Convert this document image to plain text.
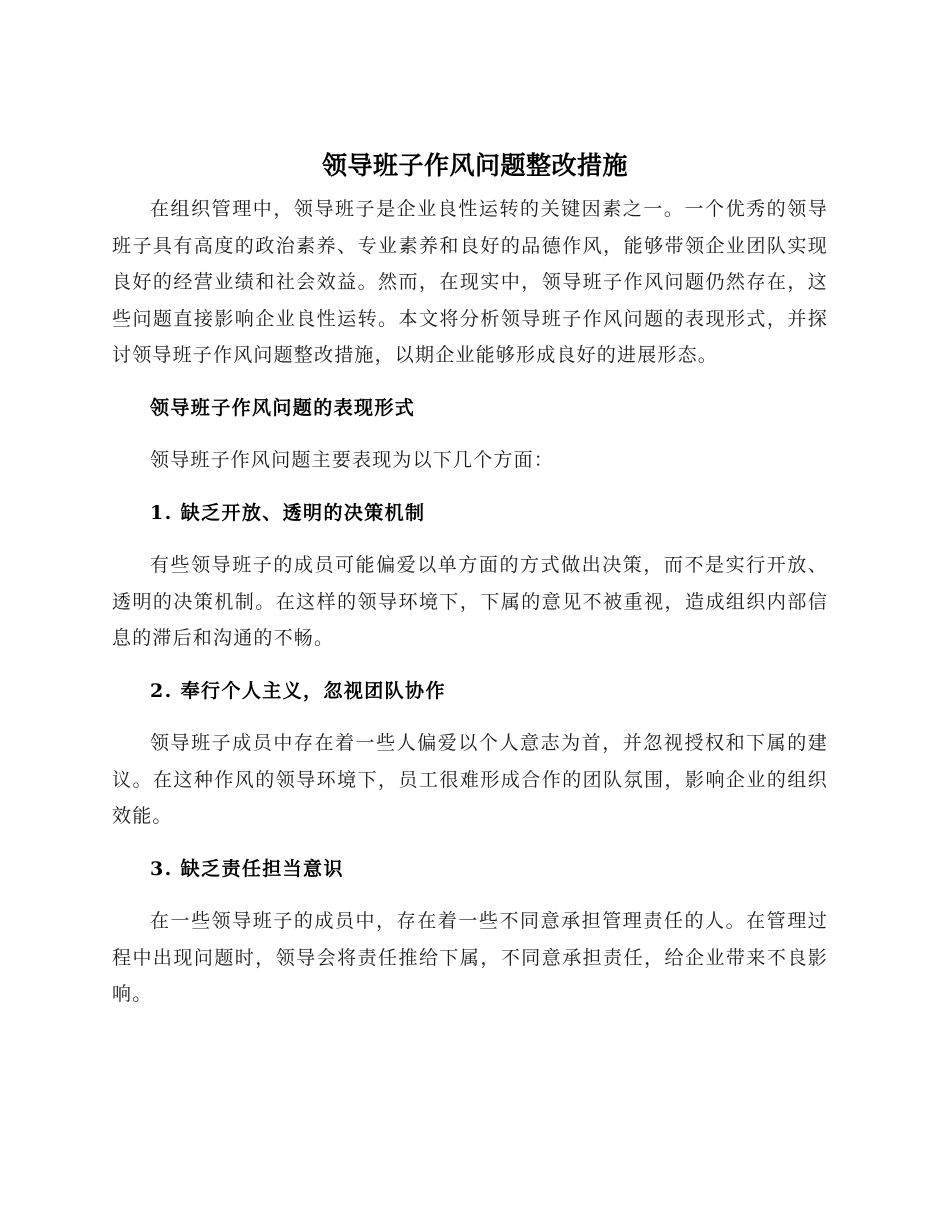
领导班子作风问题整改措施

在组织管理中，领导班子是企业良性运转的关键因素之一。一个优秀的领导班子具有高度的政治素养、专业素养和良好的品德作风，能够带领企业团队实现良好的经营业绩和社会效益。然而，在现实中，领导班子作风问题仍然存在，这些问题直接影响企业良性运转。本文将分析领导班子作风问题的表现形式，并探讨领导班子作风问题整改措施，以期企业能够形成良好的进展形态。

领导班子作风问题的表现形式

领导班子作风问题主要表现为以下几个方面：

1. 缺乏开放、透明的决策机制

有些领导班子的成员可能偏爱以单方面的方式做出决策，而不是实行开放、透明的决策机制。在这样的领导环境下，下属的意见不被重视，造成组织内部信息的滞后和沟通的不畅。

2. 奉行个人主义，忽视团队协作

领导班子成员中存在着一些人偏爱以个人意志为首，并忽视授权和下属的建议。在这种作风的领导环境下，员工很难形成合作的团队氛围，影响企业的组织效能。

3. 缺乏责任担当意识

在一些领导班子的成员中，存在着一些不同意承担管理责任的人。在管理过程中出现问题时，领导会将责任推给下属，不同意承担责任，给企业带来不良影响。
